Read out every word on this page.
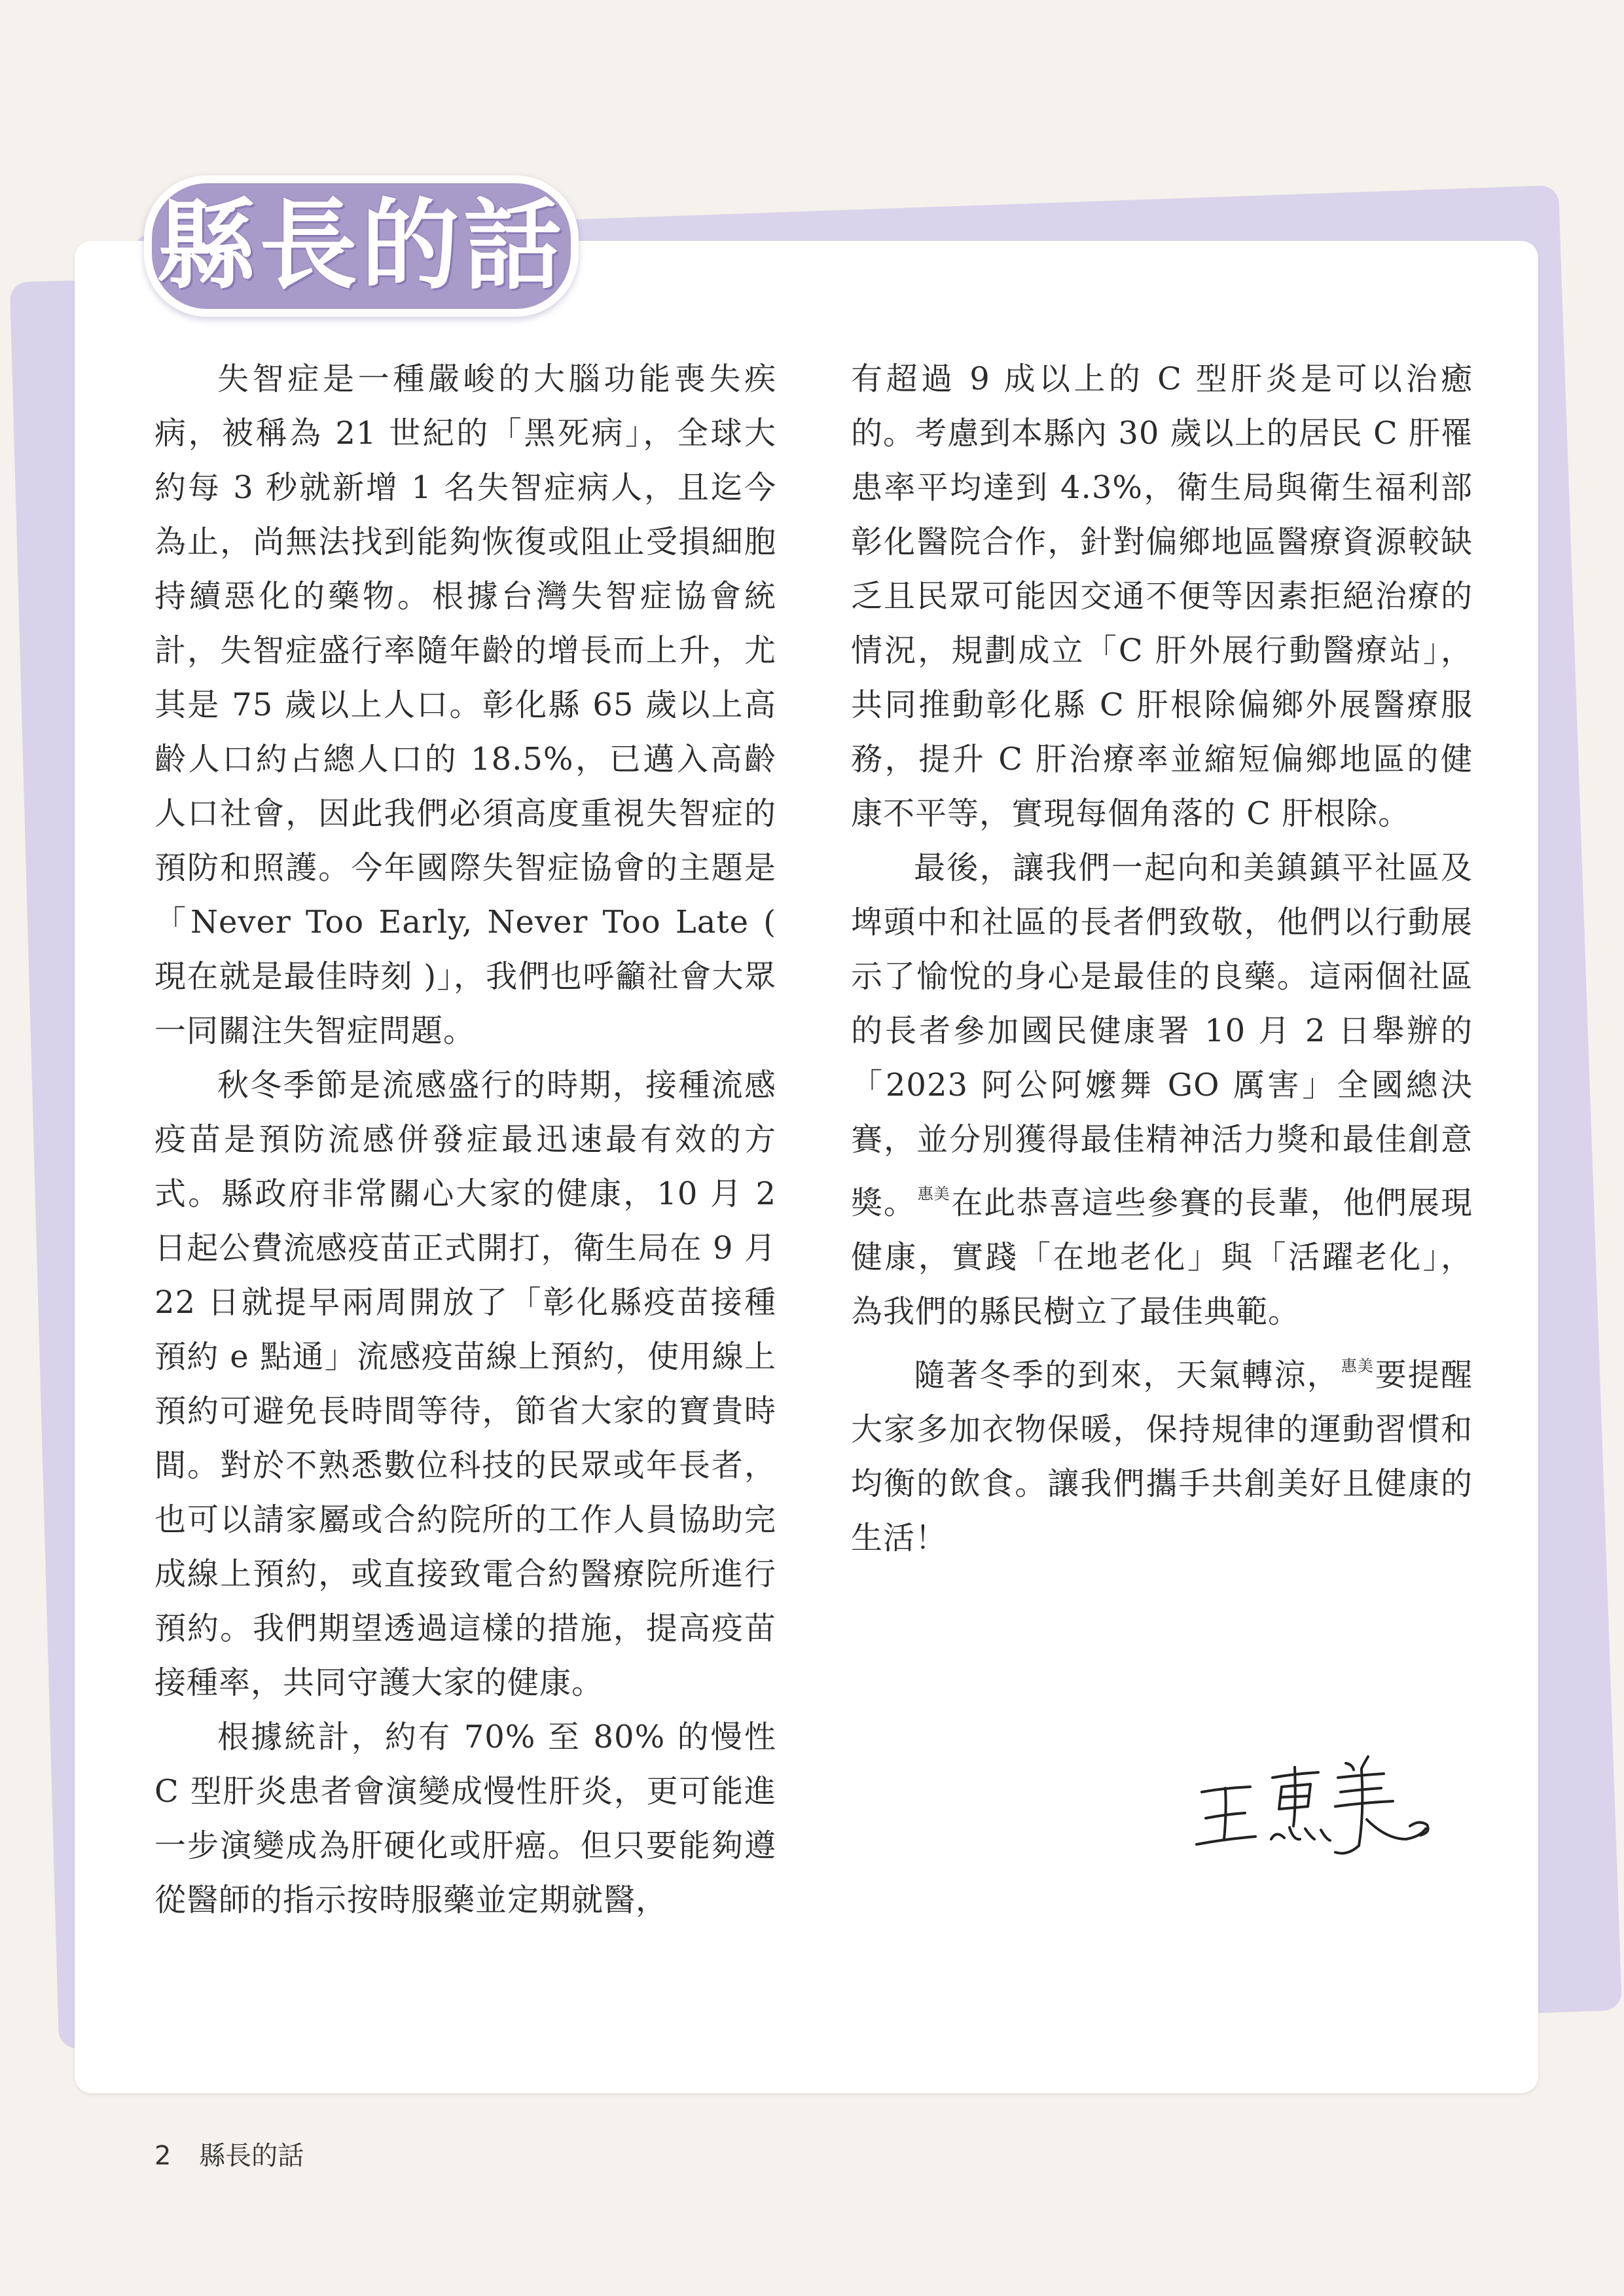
縣長的話

失智症是一種嚴峻的大腦功能喪失疾病，被稱為 21 世紀的「黑死病」，全球大約每 3 秒就新增 1 名失智症病人，且迄今為止，尚無法找到能夠恢復或阻止受損細胞持續惡化的藥物。根據台灣失智症協會統計，失智症盛行率隨年齡的增長而上升，尤其是 75 歲以上人口。彰化縣 65 歲以上高齡人口約占總人口的 18.5%，已邁入高齡人口社會，因此我們必須高度重視失智症的預防和照護。今年國際失智症協會的主題是「Never Too Early, Never Too Late ( 現在就是最佳時刻 )」，我們也呼籲社會大眾一同關注失智症問題。

秋冬季節是流感盛行的時期，接種流感疫苗是預防流感併發症最迅速最有效的方式。縣政府非常關心大家的健康，10 月 2 日起公費流感疫苗正式開打，衛生局在 9 月 22 日就提早兩周開放了「彰化縣疫苗接種預約 e 點通」流感疫苗線上預約，使用線上預約可避免長時間等待，節省大家的寶貴時間。對於不熟悉數位科技的民眾或年長者，也可以請家屬或合約院所的工作人員協助完成線上預約，或直接致電合約醫療院所進行預約。我們期望透過這樣的措施，提高疫苗接種率，共同守護大家的健康。

根據統計，約有 70% 至 80% 的慢性 C 型肝炎患者會演變成慢性肝炎，更可能進一步演變成為肝硬化或肝癌。但只要能夠遵從醫師的指示按時服藥並定期就醫，

有超過 9 成以上的 C 型肝炎是可以治癒的。考慮到本縣內 30 歲以上的居民 C 肝罹患率平均達到 4.3%，衛生局與衛生福利部彰化醫院合作，針對偏鄉地區醫療資源較缺乏且民眾可能因交通不便等因素拒絕治療的情況，規劃成立「C 肝外展行動醫療站」，共同推動彰化縣 C 肝根除偏鄉外展醫療服務，提升 C 肝治療率並縮短偏鄉地區的健康不平等，實現每個角落的 C 肝根除。

最後，讓我們一起向和美鎮鎮平社區及埤頭中和社區的長者們致敬，他們以行動展示了愉悅的身心是最佳的良藥。這兩個社區的長者參加國民健康署 10 月 2 日舉辦的「2023 阿公阿嬤舞 GO 厲害」全國總決賽，並分別獲得最佳精神活力獎和最佳創意獎。$^{惠美}$在此恭喜這些參賽的長輩，他們展現健康，實踐「在地老化」與「活躍老化」，為我們的縣民樹立了最佳典範。

隨著冬季的到來，天氣轉涼，$^{惠美}$要提醒大家多加衣物保暖，保持規律的運動習慣和均衡的飲食。讓我們攜手共創美好且健康的生活！

2 縣長的話
